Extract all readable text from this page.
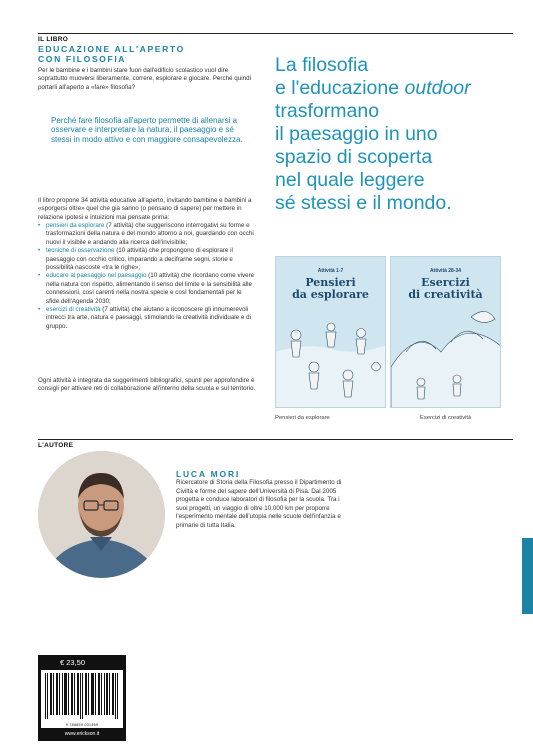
IL LIBRO
EDUCAZIONE ALL'APERTO
CON FILOSOFIA

Per le bambine e i bambini stare fuori dall'edificio scolastico vuol dire soprattutto muoversi liberamente, correre, esplorare e giocare. Perché quindi portarli all'aperto a «fare» filosofia?

Perché fare filosofia all'aperto permette di allenarsi a osservare e interpretare la natura, il paesaggio e sé stessi in modo attivo e con maggiore consapevolezza.

Il libro propone 34 attività educative all'aperto, invitando bambine e bambini a «sporgersi oltre» quel che già sanno (o pensano di sapere) per mettere in relazione ipotesi e intuizioni mai pensate prima:

• pensieri da esplorare (7 attività) che suggeriscono interrogativi su forme e trasformazioni della natura e del mondo attorno a noi, guardando con occhi nuovi il visibile e andando alla ricerca dell'invisibile;
• tecniche di osservazione (10 attività) che propongono di esplorare il paesaggio con occhio critico, imparando a decifrarne segni, storie e possibilità nascoste «tra le righe»;
• educare al paesaggio nel paesaggio (10 attività) che ricordano come vivere nella natura con rispetto, alimentando il senso del limite e la sensibilità alle connessioni, così carenti nella nostra specie e così fondamentali per le sfide dell'Agenda 2030;
• esercizi di creatività (7 attività) che aiutano a riconoscere gli innumerevoli intrecci tra arte, natura e paesaggi, stimolando la creatività individuale e di gruppo.

Ogni attività è integrata da suggerimenti bibliografici, spunti per approfondire e consigli per attivare reti di collaborazione all'interno della scuola e sul territorio.

La filosofia
e l'educazione outdoor trasformano
il paesaggio in uno
spazio di scoperta
nel quale leggere
sé stessi e il mondo.
Attività 1-7
Pensieri
da esplorare
Attività 28-34
Esercizi
di creatività
Pensieri da esplorare	Esercizi di creatività
L'AUTORE
LUCA MORI

Ricercatore di Storia della Filosofia presso il Dipartimento di Civiltà e forme del sapere dell'Università di Pisa. Dal 2005 progetta e conduce laboratori di filosofia per la scuola. Tra i suoi progetti, un viaggio di oltre 10.000 km per proporre l'esperimento mentale dell'utopia nelle scuole dell'infanzia e primarie di tutta Italia.

€ 23,50
9 788859 031469
www.erickson.it
